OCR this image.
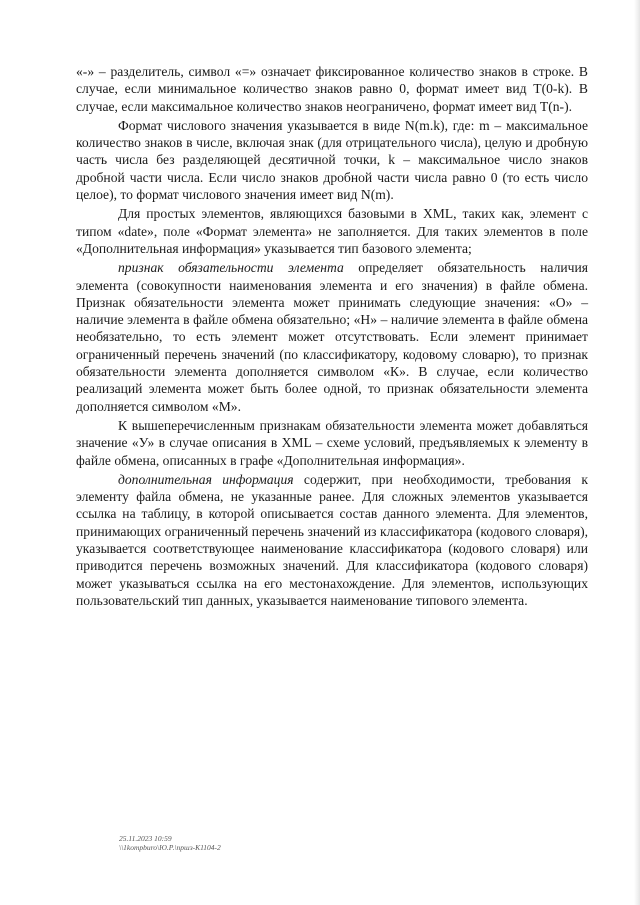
«-» – разделитель, символ «=» означает фиксированное количество знаков в строке. В случае, если минимальное количество знаков равно 0, формат имеет вид T(0-k). В случае, если максимальное количество знаков неограничено, формат имеет вид T(n-).

Формат числового значения указывается в виде N(m.k), где: m – максимальное количество знаков в числе, включая знак (для отрицательного числа), целую и дробную часть числа без разделяющей десятичной точки, k – максимальное число знаков дробной части числа. Если число знаков дробной части числа равно 0 (то есть число целое), то формат числового значения имеет вид N(m).

Для простых элементов, являющихся базовыми в XML, таких как, элемент с типом «date», поле «Формат элемента» не заполняется. Для таких элементов в поле «Дополнительная информация» указывается тип базового элемента;

признак обязательности элемента определяет обязательность наличия элемента (совокупности наименования элемента и его значения) в файле обмена. Признак обязательности элемента может принимать следующие значения: «О» – наличие элемента в файле обмена обязательно; «Н» – наличие элемента в файле обмена необязательно, то есть элемент может отсутствовать. Если элемент принимает ограниченный перечень значений (по классификатору, кодовому словарю), то признак обязательности элемента дополняется символом «К». В случае, если количество реализаций элемента может быть более одной, то признак обязательности элемента дополняется символом «М».

К вышеперечисленным признакам обязательности элемента может добавляться значение «У» в случае описания в XML – схеме условий, предъявляемых к элементу в файле обмена, описанных в графе «Дополнительная информация».

дополнительная информация содержит, при необходимости, требования к элементу файла обмена, не указанные ранее. Для сложных элементов указывается ссылка на таблицу, в которой описывается состав данного элемента. Для элементов, принимающих ограниченный перечень значений из классификатора (кодового словаря), указывается соответствующее наименование классификатора (кодового словаря) или приводится перечень возможных значений. Для классификатора (кодового словаря) может указываться ссылка на его местонахождение. Для элементов, использующих пользовательский тип данных, указывается наименование типового элемента.

25.11.2023 10:59
\\1kompburo\Ю.Р.\пршз-К1104-2
